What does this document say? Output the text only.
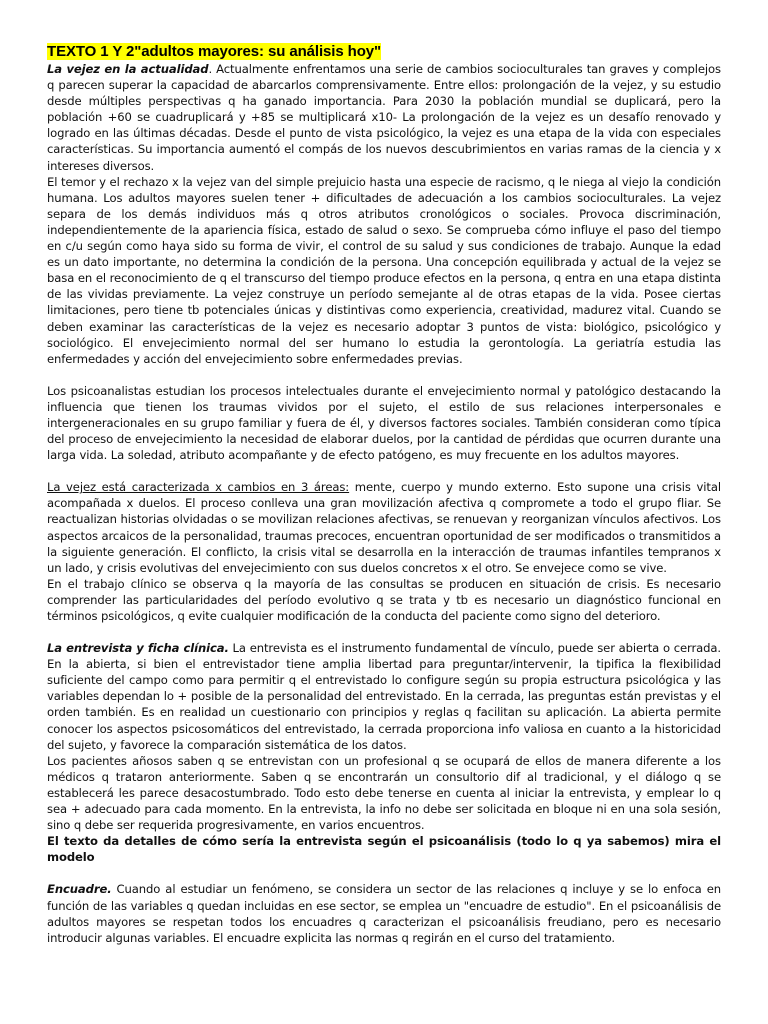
TEXTO 1 Y 2"adultos mayores: su análisis hoy"

La vejez en la actualidad. Actualmente enfrentamos una serie de cambios socioculturales tan graves y complejos q parecen superar la capacidad de abarcarlos comprensivamente. Entre ellos: prolongación de la vejez, y su estudio desde múltiples perspectivas q ha ganado importancia. Para 2030 la población mundial se duplicará, pero la población +60 se cuadruplicará y +85 se multiplicará x10- La prolongación de la vejez es un desafío renovado y logrado en las últimas décadas. Desde el punto de vista psicológico, la vejez es una etapa de la vida con especiales características. Su importancia aumentó el compás de los nuevos descubrimientos en varias ramas de la ciencia y x intereses diversos.

El temor y el rechazo x la vejez van del simple prejuicio hasta una especie de racismo, q le niega al viejo la condición humana. Los adultos mayores suelen tener + dificultades de adecuación a los cambios socioculturales. La vejez separa de los demás individuos más q otros atributos cronológicos o sociales. Provoca discriminación, independientemente de la apariencia física, estado de salud o sexo. Se comprueba cómo influye el paso del tiempo en c/u según como haya sido su forma de vivir, el control de su salud y sus condiciones de trabajo. Aunque la edad es un dato importante, no determina la condición de la persona. Una concepción equilibrada y actual de la vejez se basa en el reconocimiento de q el transcurso del tiempo produce efectos en la persona, q entra en una etapa distinta de las vividas previamente. La vejez construye un período semejante al de otras etapas de la vida. Posee ciertas limitaciones, pero tiene tb potenciales únicas y distintivas como experiencia, creatividad, madurez vital. Cuando se deben examinar las características de la vejez es necesario adoptar 3 puntos de vista: biológico, psicológico y sociológico. El envejecimiento normal del ser humano lo estudia la gerontología. La geriatría estudia las enfermedades y acción del envejecimiento sobre enfermedades previas.

Los psicoanalistas estudian los procesos intelectuales durante el envejecimiento normal y patológico destacando la influencia que tienen los traumas vividos por el sujeto, el estilo de sus relaciones interpersonales e intergeneracionales en su grupo familiar y fuera de él, y diversos factores sociales. También consideran como típica del proceso de envejecimiento la necesidad de elaborar duelos, por la cantidad de pérdidas que ocurren durante una larga vida. La soledad, atributo acompañante y de efecto patógeno, es muy frecuente en los adultos mayores.

La vejez está caracterizada x cambios en 3 áreas: mente, cuerpo y mundo externo. Esto supone una crisis vital acompañada x duelos. El proceso conlleva una gran movilización afectiva q compromete a todo el grupo fliar. Se reactualizan historias olvidadas o se movilizan relaciones afectivas, se renuevan y reorganizan vínculos afectivos. Los aspectos arcaicos de la personalidad, traumas precoces, encuentran oportunidad de ser modificados o transmitidos a la siguiente generación. El conflicto, la crisis vital se desarrolla en la interacción de traumas infantiles tempranos x un lado, y crisis evolutivas del envejecimiento con sus duelos concretos x el otro. Se envejece como se vive.

En el trabajo clínico se observa q la mayoría de las consultas se producen en situación de crisis. Es necesario comprender las particularidades del período evolutivo q se trata y tb es necesario un diagnóstico funcional en términos psicológicos, q evite cualquier modificación de la conducta del paciente como signo del deterioro.

La entrevista y ficha clínica. La entrevista es el instrumento fundamental de vínculo, puede ser abierta o cerrada. En la abierta, si bien el entrevistador tiene amplia libertad para preguntar/intervenir, la tipifica la flexibilidad suficiente del campo como para permitir q el entrevistado lo configure según su propia estructura psicológica y las variables dependan lo + posible de la personalidad del entrevistado. En la cerrada, las preguntas están previstas y el orden también. Es en realidad un cuestionario con principios y reglas q facilitan su aplicación. La abierta permite conocer los aspectos psicosomáticos del entrevistado, la cerrada proporciona info valiosa en cuanto a la historicidad del sujeto, y favorece la comparación sistemática de los datos.

Los pacientes añosos saben q se entrevistan con un profesional q se ocupará de ellos de manera diferente a los médicos q trataron anteriormente. Saben q se encontrarán un consultorio dif al tradicional, y el diálogo q se establecerá les parece desacostumbrado. Todo esto debe tenerse en cuenta al iniciar la entrevista, y emplear lo q sea + adecuado para cada momento. En la entrevista, la info no debe ser solicitada en bloque ni en una sola sesión, sino q debe ser requerida progresivamente, en varios encuentros.

El texto da detalles de cómo sería la entrevista según el psicoanálisis (todo lo q ya sabemos) mira el modelo

Encuadre. Cuando al estudiar un fenómeno, se considera un sector de las relaciones q incluye y se lo enfoca en función de las variables q quedan incluidas en ese sector, se emplea un "encuadre de estudio". En el psicoanálisis de adultos mayores se respetan todos los encuadres q caracterizan el psicoanálisis freudiano, pero es necesario introducir algunas variables. El encuadre explicita las normas q regirán en el curso del tratamiento.
